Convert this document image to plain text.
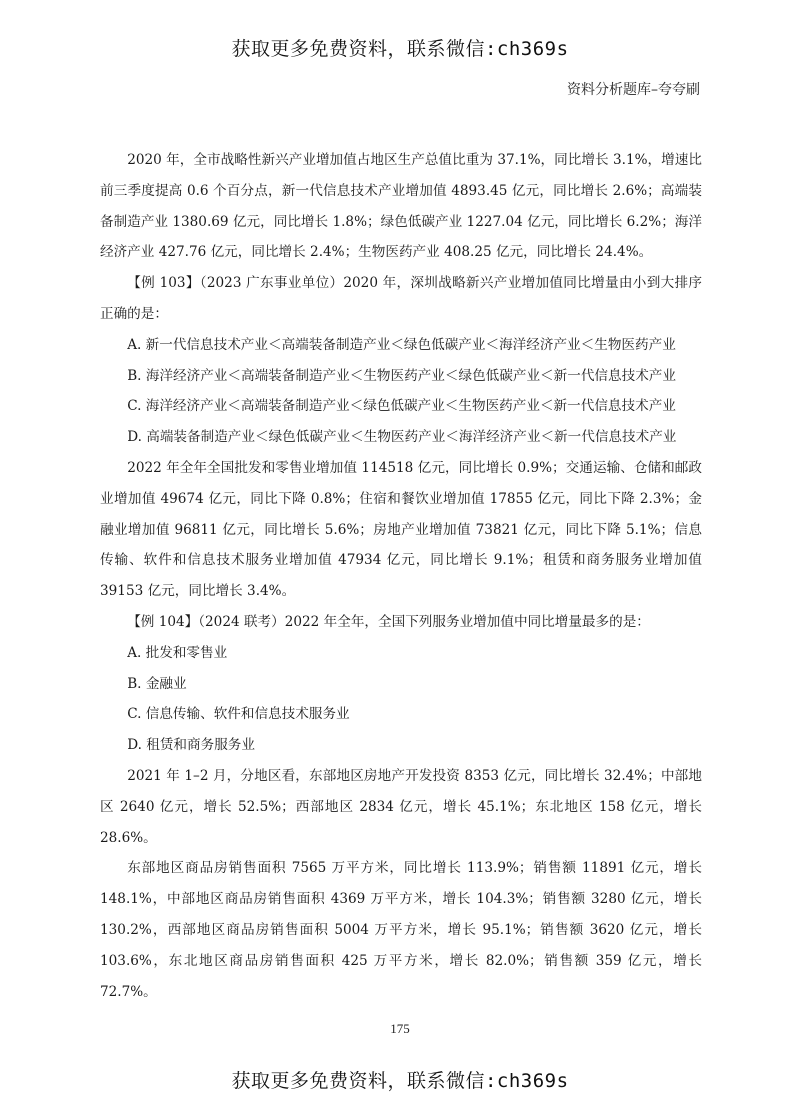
获取更多免费资料，联系微信:ch369s
资料分析题库–夸夸刷

2020 年，全市战略性新兴产业增加值占地区生产总值比重为 37.1%，同比增长 3.1%，增速比前三季度提高 0.6 个百分点，新一代信息技术产业增加值 4893.45 亿元，同比增长 2.6%；高端装备制造产业 1380.69 亿元，同比增长 1.8%；绿色低碳产业 1227.04 亿元，同比增长 6.2%；海洋经济产业 427.76 亿元，同比增长 2.4%；生物医药产业 408.25 亿元，同比增长 24.4%。

【例 103】（2023 广东事业单位）2020 年，深圳战略新兴产业增加值同比增量由小到大排序正确的是：

A. 新一代信息技术产业＜高端装备制造产业＜绿色低碳产业＜海洋经济产业＜生物医药产业

B. 海洋经济产业＜高端装备制造产业＜生物医药产业＜绿色低碳产业＜新一代信息技术产业

C. 海洋经济产业＜高端装备制造产业＜绿色低碳产业＜生物医药产业＜新一代信息技术产业

D. 高端装备制造产业＜绿色低碳产业＜生物医药产业＜海洋经济产业＜新一代信息技术产业

2022 年全年全国批发和零售业增加值 114518 亿元，同比增长 0.9%；交通运输、仓储和邮政业增加值 49674 亿元，同比下降 0.8%；住宿和餐饮业增加值 17855 亿元，同比下降 2.3%；金融业增加值 96811 亿元，同比增长 5.6%；房地产业增加值 73821 亿元，同比下降 5.1%；信息传输、软件和信息技术服务业增加值 47934 亿元，同比增长 9.1%；租赁和商务服务业增加值 39153 亿元，同比增长 3.4%。

【例 104】（2024 联考）2022 年全年，全国下列服务业增加值中同比增量最多的是：

A. 批发和零售业

B. 金融业

C. 信息传输、软件和信息技术服务业

D. 租赁和商务服务业

2021 年 1–2 月，分地区看，东部地区房地产开发投资 8353 亿元，同比增长 32.4%；中部地区 2640 亿元，增长 52.5%；西部地区 2834 亿元，增长 45.1%；东北地区 158 亿元，增长 28.6%。

东部地区商品房销售面积 7565 万平方米，同比增长 113.9%；销售额 11891 亿元，增长 148.1%，中部地区商品房销售面积 4369 万平方米，增长 104.3%；销售额 3280 亿元，增长 130.2%，西部地区商品房销售面积 5004 万平方米，增长 95.1%；销售额 3620 亿元，增长 103.6%，东北地区商品房销售面积 425 万平方米，增长 82.0%；销售额 359 亿元，增长 72.7%。

175
获取更多免费资料，联系微信:ch369s
